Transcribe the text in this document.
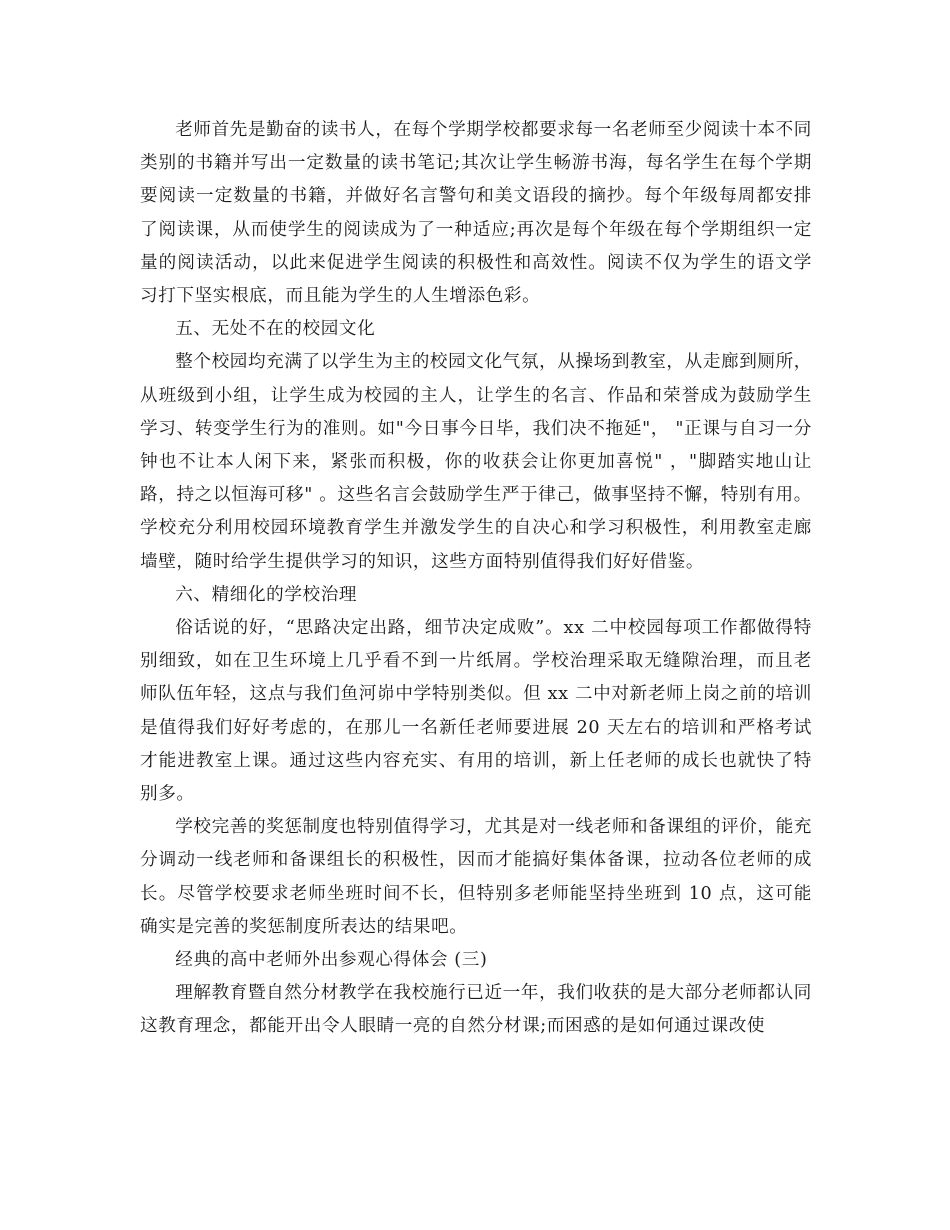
老师首先是勤奋的读书人，在每个学期学校都要求每一名老师至少阅读十本不同类别的书籍并写出一定数量的读书笔记;其次让学生畅游书海，每名学生在每个学期要阅读一定数量的书籍，并做好名言警句和美文语段的摘抄。每个年级每周都安排了阅读课，从而使学生的阅读成为了一种适应;再次是每个年级在每个学期组织一定量的阅读活动，以此来促进学生阅读的积极性和高效性。阅读不仅为学生的语文学习打下坚实根底，而且能为学生的人生增添色彩。

五、无处不在的校园文化

整个校园均充满了以学生为主的校园文化气氛，从操场到教室，从走廊到厕所，从班级到小组，让学生成为校园的主人，让学生的名言、作品和荣誉成为鼓励学生学习、转变学生行为的准则。如"今日事今日毕，我们决不拖延"， "正课与自习一分钟也不让本人闲下来，紧张而积极，你的收获会让你更加喜悦" ，"脚踏实地山让路，持之以恒海可移" 。这些名言会鼓励学生严于律己，做事坚持不懈，特别有用。学校充分利用校园环境教育学生并激发学生的自决心和学习积极性，利用教室走廊墙壁，随时给学生提供学习的知识，这些方面特别值得我们好好借鉴。

六、精细化的学校治理

俗话说的好，“思路决定出路，细节决定成败”。xx 二中校园每项工作都做得特别细致，如在卫生环境上几乎看不到一片纸屑。学校治理采取无缝隙治理，而且老师队伍年轻，这点与我们鱼河峁中学特别类似。但 xx 二中对新老师上岗之前的培训是值得我们好好考虑的，在那儿一名新任老师要进展 20 天左右的培训和严格考试才能进教室上课。通过这些内容充实、有用的培训，新上任老师的成长也就快了特别多。

学校完善的奖惩制度也特别值得学习，尤其是对一线老师和备课组的评价，能充分调动一线老师和备课组长的积极性，因而才能搞好集体备课，拉动各位老师的成长。尽管学校要求老师坐班时间不长，但特别多老师能坚持坐班到 10 点，这可能确实是完善的奖惩制度所表达的结果吧。

经典的高中老师外出参观心得体会 (三)

理解教育暨自然分材教学在我校施行已近一年，我们收获的是大部分老师都认同这教育理念，都能开出令人眼睛一亮的自然分材课;而困惑的是如何通过课改使
